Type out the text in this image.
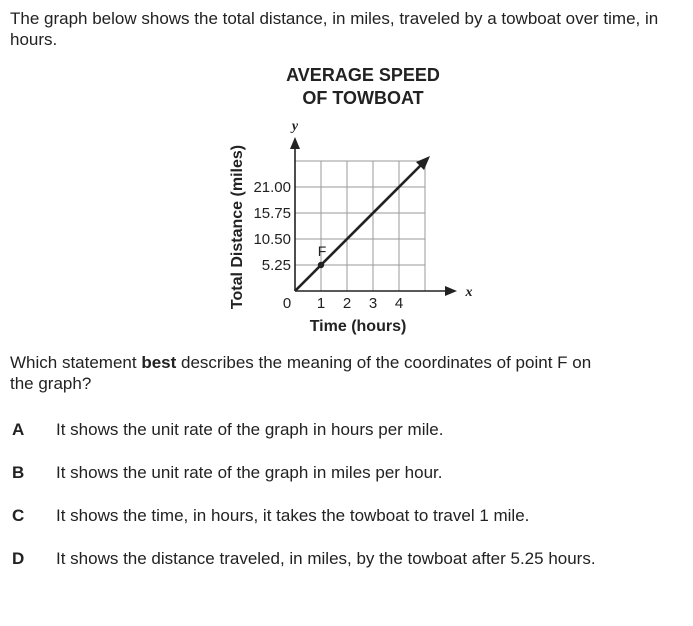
The graph below shows the total distance, in miles, traveled by a towboat over time, in hours.
AVERAGE SPEED
OF TOWBOAT
1 2 3 4
5.25
10.50
15.75
21.00
0
F
x
y
Time (hours)
Total Distance (miles)
Which statement best describes the meaning of the coordinates of point F on the graph?
A	It shows the unit rate of the graph in hours per mile.
B	It shows the unit rate of the graph in miles per hour.
C	It shows the time, in hours, it takes the towboat to travel 1 mile.
D	It shows the distance traveled, in miles, by the towboat after 5.25 hours.
